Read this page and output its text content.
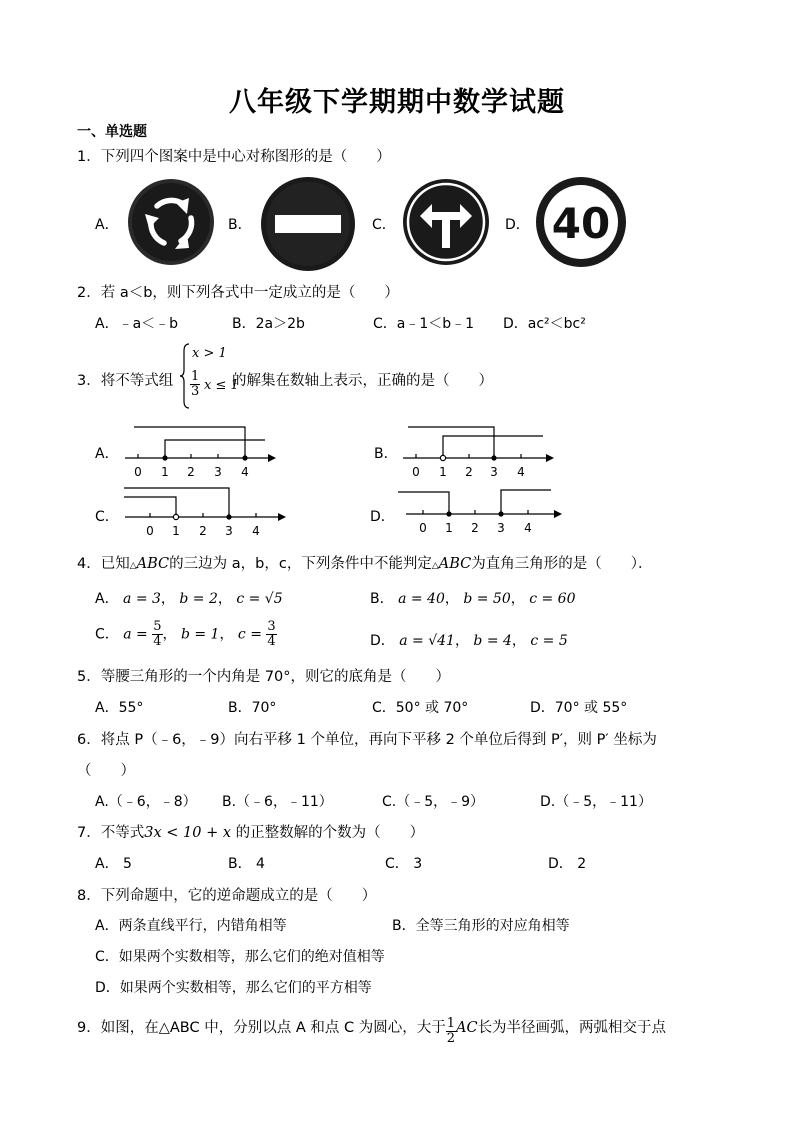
八年级下学期期中数学试题
一、单选题
1．下列四个图案中是中心对称图形的是（　　）
A．	B．	C．	D． 40
2．若 a＜b，则下列各式中一定成立的是（　　）
A．﹣a＜﹣b	B．2a＞2b	C．a﹣1＜b﹣1 D．ac²＜bc²
3．将不等式组
x > 1
$\frac{1}{3}$ x ≤ 1
的解集在数轴上表示，正确的是（　　）
A．	B．
C．	D．
0 1 2 3 4	0 1 2 3 4
0 1 2 3 4	0 1 2 3 4
4．已知△ABC的三边为 a，b，c，下列条件中不能判定△ABC为直角三角形的是（　　）．
A． a = 3， b = 2， c = √5	B． a = 40， b = 50， c = 60
C． $a = \frac{5}{4}$ ， b = 1， $c = \frac{3}{4}$	D． a = √41， b = 4， c = 5
5．等腰三角形的一个内角是 70°，则它的底角是（　　）
A．55°	B．70°	C．50° 或 70°	D．70° 或 55°
6．将点 P（﹣6，﹣9）向右平移 1 个单位，再向下平移 2 个单位后得到 P′，则 P′ 坐标为
（　　）
A.（﹣6，﹣8） B.（﹣6，﹣11）	C.（﹣5，﹣9）	D.（﹣5，﹣11）
7．不等式3x < 10 + x 的正整数解的个数为（　　）
A． 5	B． 4	C． 3	D． 2
8．下列命题中，它的逆命题成立的是（　　）
A．两条直线平行，内错角相等	B．全等三角形的对应角相等
C．如果两个实数相等，那么它们的绝对值相等
D．如果两个实数相等，那么它们的平方相等
9．如图，在△ABC 中，分别以点 A 和点 C 为圆心，大于 $\frac{1}{2}$ AC长为半径画弧，两弧相交于点
